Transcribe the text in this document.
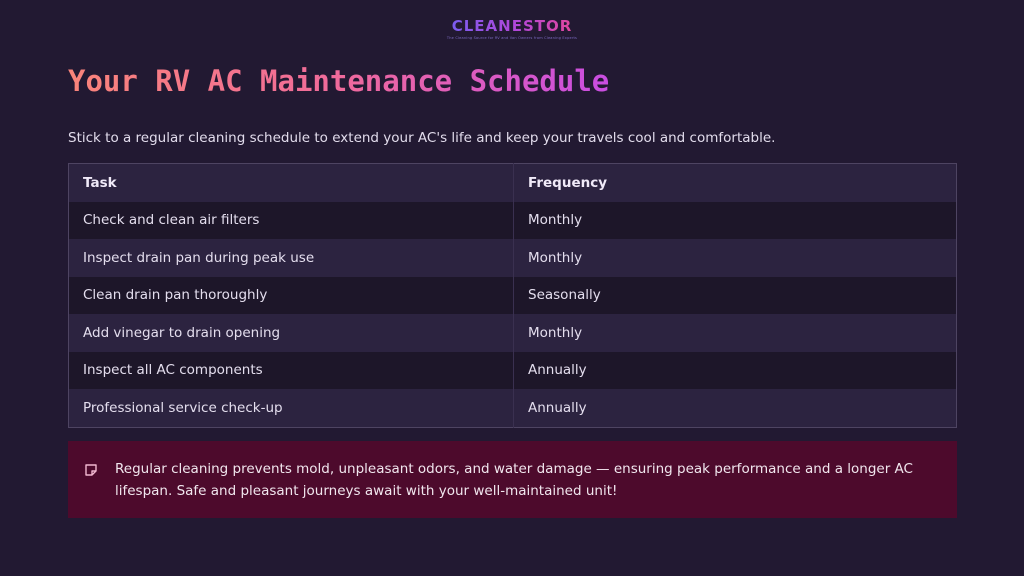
CLEANESTOR
The Cleaning Source for RV and Van Owners from Cleaning Experts
Your RV AC Maintenance Schedule

Stick to a regular cleaning schedule to extend your AC's life and keep your travels cool and comfortable.

Task	Frequency
Check and clean air filters	Monthly
Inspect drain pan during peak use	Monthly
Clean drain pan thoroughly	Seasonally
Add vinegar to drain opening	Monthly
Inspect all AC components	Annually
Professional service check-up	Annually

Regular cleaning prevents mold, unpleasant odors, and water damage — ensuring peak performance and a longer AC lifespan. Safe and pleasant journeys await with your well-maintained unit!
